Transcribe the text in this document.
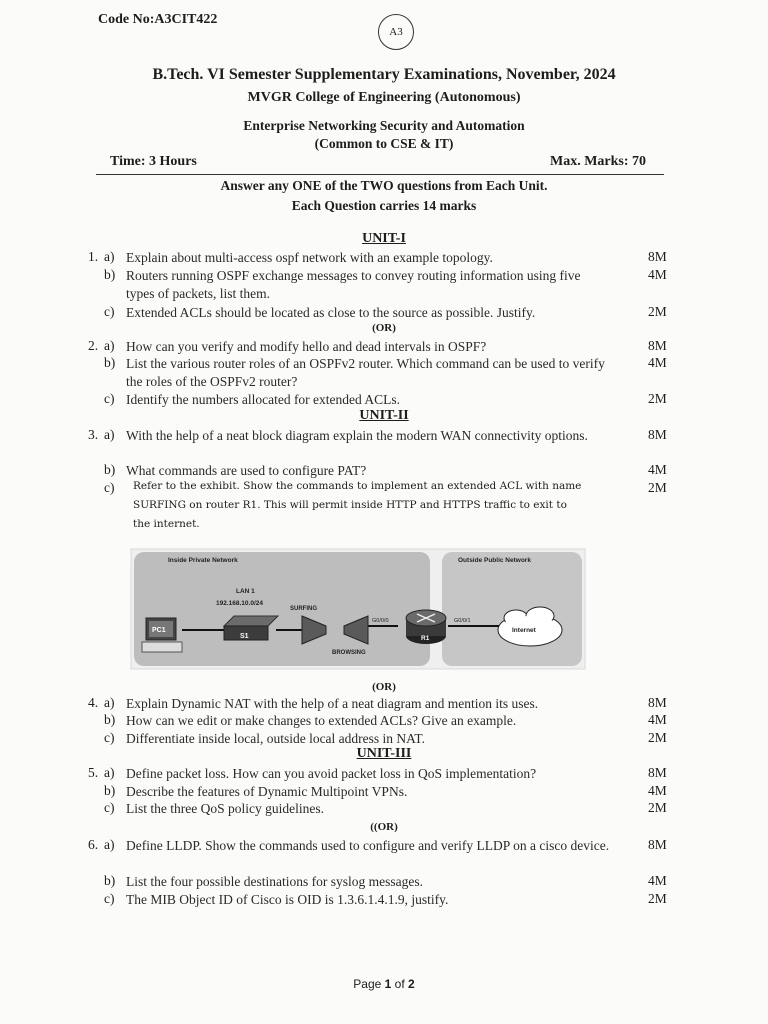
Code No:A3CIT422
A3
B.Tech. VI Semester Supplementary Examinations, November, 2024
MVGR College of Engineering (Autonomous)
Enterprise Networking Security and Automation
(Common to CSE & IT)
Time: 3 Hours	Max. Marks: 70
Answer any ONE of the TWO questions from Each Unit.
Each Question carries 14 marks
UNIT-I
1. a) Explain about multi-access ospf network with an example topology.	8M
b) Routers running OSPF exchange messages to convey routing information using five types of packets, list them.
4M
c) Extended ACLs should be located as close to the source as possible. Justify.	2M
(OR)
2. a) How can you verify and modify hello and dead intervals in OSPF?	8M
b) List the various router roles of an OSPFv2 router. Which command can be used to verify the roles of the OSPFv2 router?
4M
c) Identify the numbers allocated for extended ACLs.	2M
UNIT-II
3. a) With the help of a neat block diagram explain the modern WAN connectivity options.	8M
b) What commands are used to configure PAT?	4M
c) Refer to the exhibit. Show the commands to implement an extended ACL with name SURFING on router R1. This will permit inside HTTP and HTTPS traffic to exit to the internet.
2M
Inside Private Network	Outside Public Network
LAN 1
192.168.10.0/24
PC1
S1
SURFING
BROWSING
G0/0/0
R1
G0/0/1
Internet
(OR)
4. a) Explain Dynamic NAT with the help of a neat diagram and mention its uses.	8M
b) How can we edit or make changes to extended ACLs? Give an example.	4M
c) Differentiate inside local, outside local address in NAT.	2M
UNIT-III
5. a) Define packet loss. How can you avoid packet loss in QoS implementation?	8M
b) Describe the features of Dynamic Multipoint VPNs.	4M
c) List the three QoS policy guidelines.	2M
((OR)
6. a) Define LLDP. Show the commands used to configure and verify LLDP on a cisco device.	8M
b) List the four possible destinations for syslog messages.	4M
c) The MIB Object ID of Cisco is OID is 1.3.6.1.4.1.9, justify.	2M
Page 1 of 2
